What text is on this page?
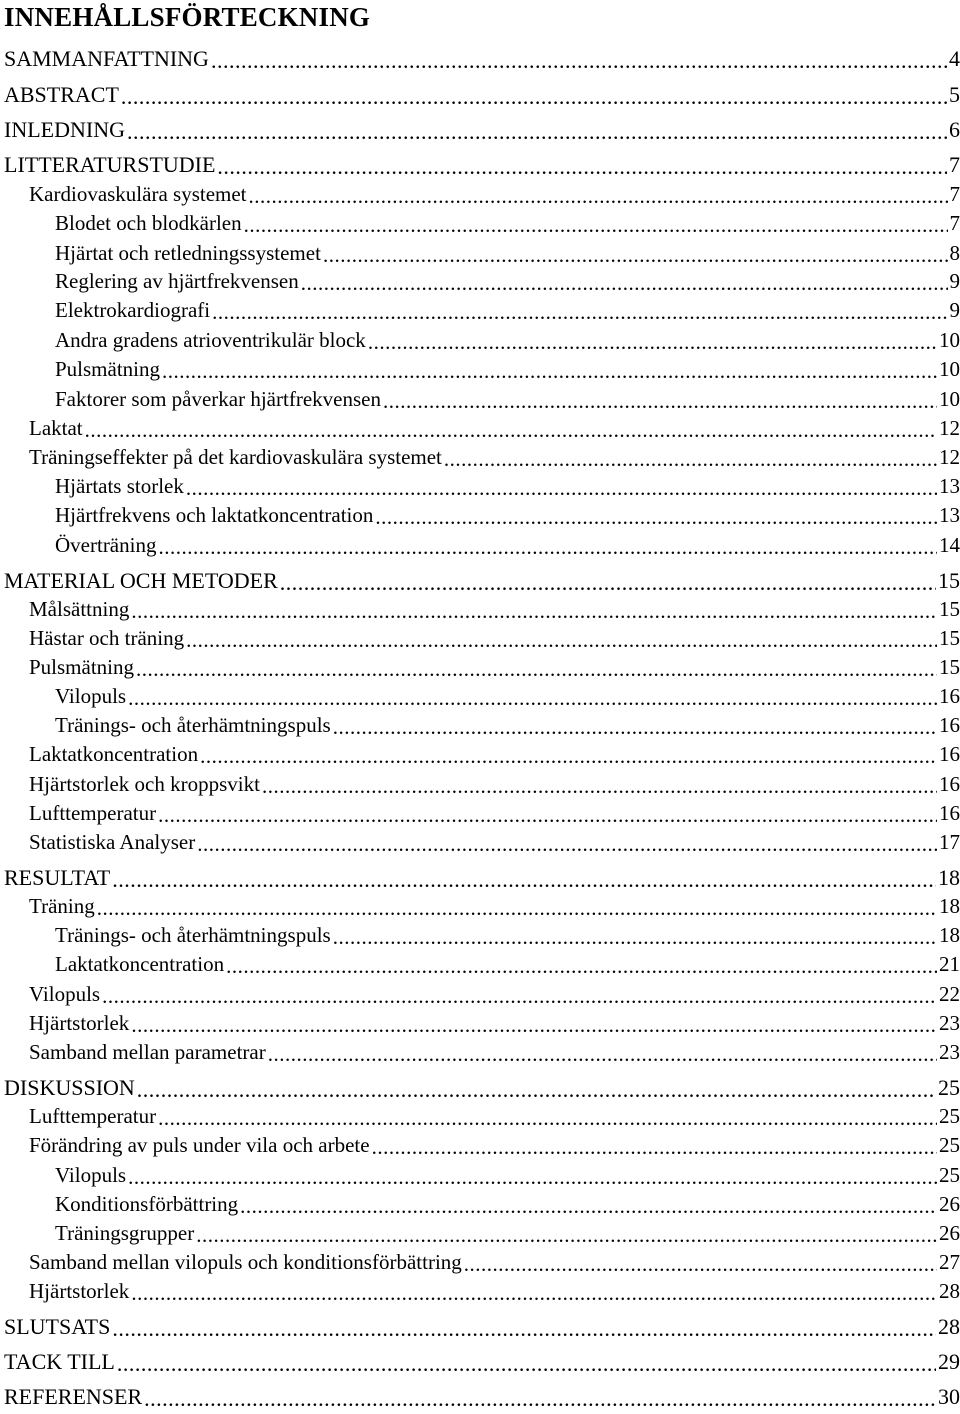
INNEHÅLLSFÖRTECKNING
SAMMANFATTNING .....	4
ABSTRACT .....	5
INLEDNING .....	6
LITTERATURSTUDIE .....	7
Kardiovaskulära systemet .....	7
Blodet och blodkärlen .....	7
Hjärtat och retledningssystemet .....	8
Reglering av hjärtfrekvensen .....	9
Elektrokardiografi .....	9
Andra gradens atrioventrikulär block .....	10
Pulsmätning .....	10
Faktorer som påverkar hjärtfrekvensen .....	10
Laktat .....	12
Träningseffekter på det kardiovaskulära systemet .....	12
Hjärtats storlek .....	13
Hjärtfrekvens och laktatkoncentration .....	13
Överträning .....	14
MATERIAL OCH METODER .....	15
Målsättning .....	15
Hästar och träning .....	15
Pulsmätning .....	15
Vilopuls .....	16
Tränings- och återhämtningspuls .....	16
Laktatkoncentration .....	16
Hjärtstorlek och kroppsvikt .....	16
Lufttemperatur .....	16
Statistiska Analyser .....	17
RESULTAT .....	18
Träning .....	18
Tränings- och återhämtningspuls .....	18
Laktatkoncentration .....	21
Vilopuls .....	22
Hjärtstorlek .....	23
Samband mellan parametrar .....	23
DISKUSSION .....	25
Lufttemperatur .....	25
Förändring av puls under vila och arbete .....	25
Vilopuls .....	25
Konditionsförbättring .....	26
Träningsgrupper .....	26
Samband mellan vilopuls och konditionsförbättring .....	27
Hjärtstorlek .....	28
SLUTSATS .....	28
TACK TILL .....	29
REFERENSER .....	30
